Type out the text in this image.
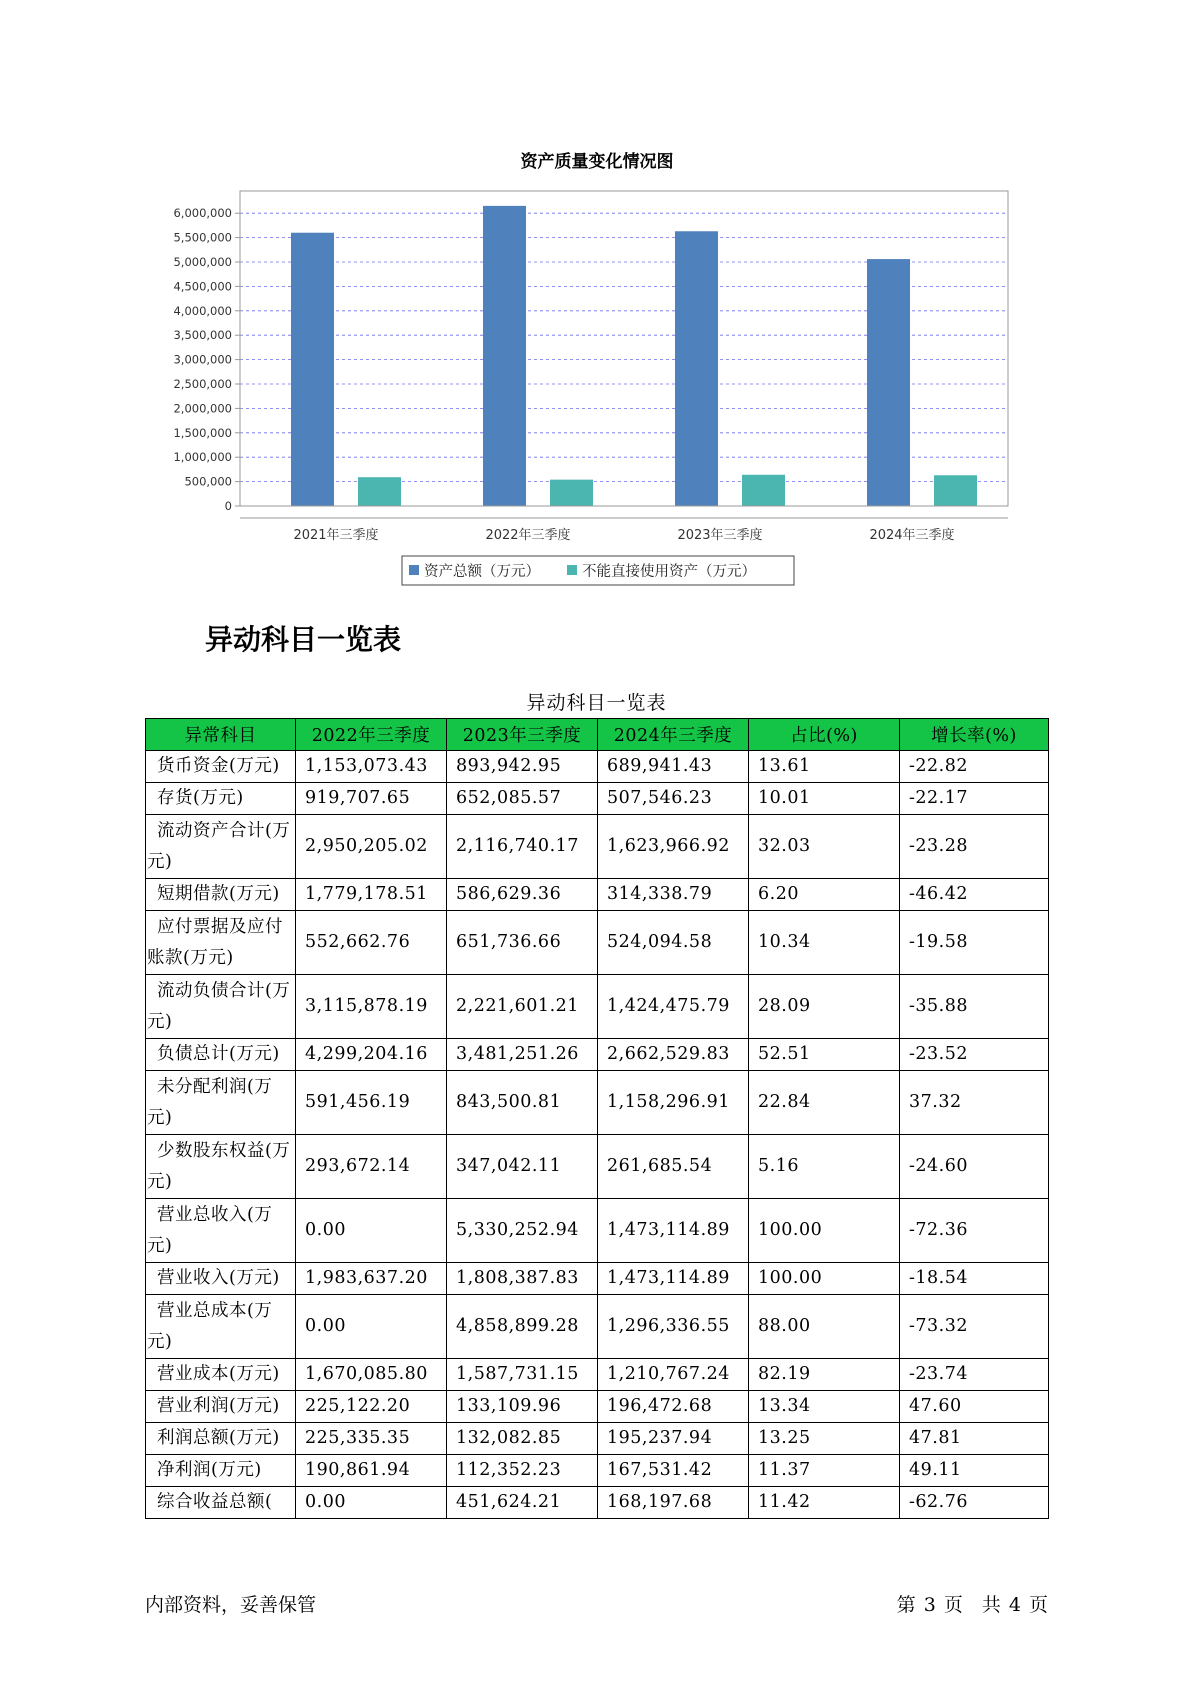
资产质量变化情况图
0
500,000
1,000,000
1,500,000
2,000,000
2,500,000
3,000,000
3,500,000
4,000,000
4,500,000
5,000,000
5,500,000
6,000,000
2021年三季度	2022年三季度	2023年三季度	2024年三季度
资产总额（万元）	不能直接使用资产（万元）
异动科目一览表
异动科目一览表
异常科目	2022年三季度	2023年三季度	2024年三季度	占比(%)	增长率(%)
货币资金(万元)	1,153,073.43	893,942.95	689,941.43	13.61	-22.82
存货(万元)	919,707.65	652,085.57	507,546.23	10.01	-22.17
流动资产合计(万元)	2,950,205.02	2,116,740.17	1,623,966.92	32.03	-23.28
短期借款(万元)	1,779,178.51	586,629.36	314,338.79	6.20	-46.42
应付票据及应付账款(万元)	552,662.76	651,736.66	524,094.58	10.34	-19.58
流动负债合计(万元)	3,115,878.19	2,221,601.21	1,424,475.79	28.09	-35.88
负债总计(万元)	4,299,204.16	3,481,251.26	2,662,529.83	52.51	-23.52
未分配利润(万元)	591,456.19	843,500.81	1,158,296.91	22.84	37.32
少数股东权益(万元)	293,672.14	347,042.11	261,685.54	5.16	-24.60
营业总收入(万元)	0.00	5,330,252.94	1,473,114.89	100.00	-72.36
营业收入(万元)	1,983,637.20	1,808,387.83	1,473,114.89	100.00	-18.54
营业总成本(万元)	0.00	4,858,899.28	1,296,336.55	88.00	-73.32
营业成本(万元)	1,670,085.80	1,587,731.15	1,210,767.24	82.19	-23.74
营业利润(万元)	225,122.20	133,109.96	196,472.68	13.34	47.60
利润总额(万元)	225,335.35	132,082.85	195,237.94	13.25	47.81
净利润(万元)	190,861.94	112,352.23	167,531.42	11.37	49.11
综合收益总额(	0.00	451,624.21	168,197.68	11.42	-62.76
内部资料，妥善保管	第 3 页　共 4 页
